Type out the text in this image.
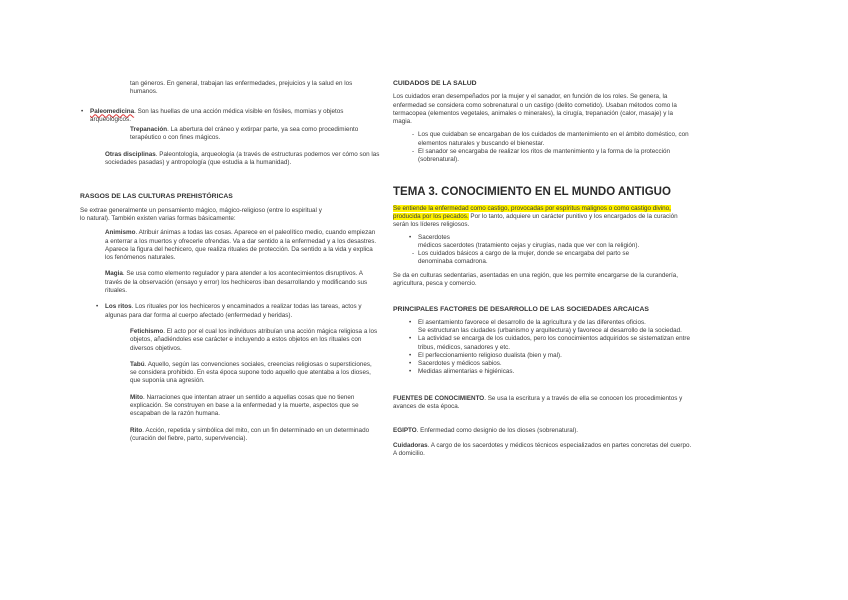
tan géneros. En general, trabajan las enfermedades, prejuicios y la salud en los
humanos.

• Paleomedicina. Son las huellas de una acción médica visible en fósiles, momias y objetos arqueológicos.

Trepanación. La abertura del cráneo y extirpar parte, ya sea como procedimiento terapéutico o con fines mágicos.

Otras disciplinas. Paleontología, arqueología (a través de estructuras podemos ver cómo son las sociedades pasadas) y antropología (que estudia a la humanidad).

RASGOS DE LAS CULTURAS PREHISTÓRICAS

Se extrae generalmente un pensamiento mágico, mágico-religioso (entre lo espiritual y
lo natural). También existen varias formas básicamente:

Animismo. Atribuir ánimas a todas las cosas. Aparece en el paleolítico medio, cuando empiezan a enterrar a los muertos y ofrecerle ofrendas. Va a dar sentido a la enfermedad y a los desastres.

Aparece la figura del hechicero, que realiza rituales de protección. Da sentido a la vida y explica los fenómenos naturales.

Magia. Se usa como elemento regulador y para atender a los acontecimientos disruptivos. A través de la observación (ensayo y error) los hechiceros iban desarrollando y modificando sus rituales.

• Los ritos. Los rituales por los hechiceros y encaminados a realizar todas las tareas, actos y algunas para dar forma al cuerpo afectado (enfermedad y heridas).

Fetichismo. El acto por el cual los individuos atribuían una acción mágica religiosa a los objetos, añadiéndoles ese carácter e incluyendo a estos objetos en los rituales con diversos objetivos.

Tabú. Aquello, según las convenciones sociales, creencias religiosas o supersticiones, se considera prohibido. En esta época supone todo aquello que atentaba a los dioses, que suponía una agresión.

Mito. Narraciones que intentan atraer un sentido a aquellas cosas que no tienen explicación. Se construyen en base a la enfermedad y la muerte, aspectos que se escapaban de la razón humana.

Rito. Acción, repetida y simbólica del mito, con un fin determinado en un determinado (curación del fiebre, parto, supervivencia).

CUIDADOS DE LA SALUD

Los cuidados eran desempeñados por la mujer y el sanador, en función de los roles. Se genera, la enfermedad se considera como sobrenatural o un castigo (delito cometido). Usaban métodos como la termacopea (elementos vegetales, animales o minerales), la cirugía, trepanación (calor, masaje) y la magia.

- Los que cuidaban se encargaban de los cuidados de mantenimiento en el ámbito doméstico, con elementos naturales y buscando el bienestar.

- El sanador se encargaba de realizar los ritos de mantenimiento y la forma de la protección (sobrenatural).

TEMA 3. CONOCIMIENTO EN EL MUNDO ANTIGUO

Se entiende la enfermedad como castigo, provocadas por espíritus malignos o como castigo divino, producida por los pecados. Por lo tanto, adquiere un carácter punitivo y los encargados de la curación serán los líderes religiosos.

• Sacerdotes

médicos sacerdotes (tratamiento cejas y cirugías, nada que ver con la religión).

- Los cuidados básicos a cargo de la mujer, donde se encargaba del parto se
denominaba comadrona.

Se da en culturas sedentarias, asentadas en una región, que les permite encargarse de la curandería, agricultura, pesca y comercio.

PRINCIPALES FACTORES DE DESARROLLO DE LAS SOCIEDADES ARCAICAS

• El asentamiento favorece el desarrollo de la agricultura y de las diferentes oficios.

Se estructuran las ciudades (urbanismo y arquitectura) y favorece al desarrollo de la sociedad.

• La actividad se encarga de los cuidados, pero los conocimientos adquiridos se sistematizan entre tribus, médicos, sanadores y etc.

• El perfeccionamiento religioso dualista (bien y mal).

• Sacerdotes y médicos sabios.

• Medidas alimentarias e higiénicas.

FUENTES DE CONOCIMIENTO. Se usa la escritura y a través de ella se conocen los procedimientos y avances de esta época.

EGIPTO. Enfermedad como designio de los dioses (sobrenatural).

Cuidadoras. A cargo de los sacerdotes y médicos técnicos especializados en partes concretas del cuerpo. A domicilio.
